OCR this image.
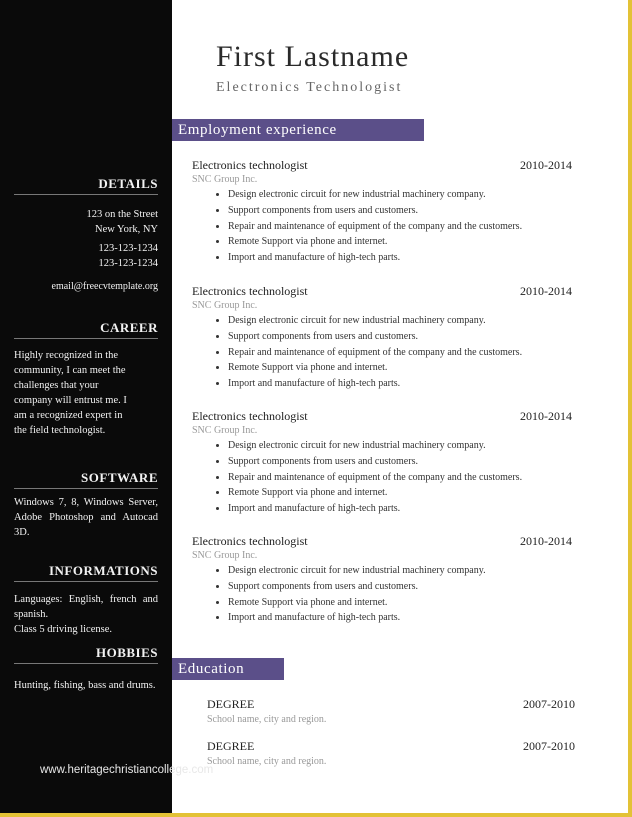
DETAILS
123 on the Street
New York, NY
123-123-1234
123-123-1234
email@freecvtemplate.org
CAREER
Highly recognized in the community, I can meet the challenges that your company will entrust me. I am a recognized expert in the field technologist.
SOFTWARE
Windows 7, 8, Windows Server, Adobe Photoshop and Autocad 3D.
INFORMATIONS
Languages: English, french and spanish.
Class 5 driving license.
HOBBIES
Hunting, fishing, bass and drums.
www.heritagechristiancollege.com
First Lastname
Electronics Technologist
Employment experience
Electronics technologist	2010-2014
SNC Group Inc.
• Design electronic circuit for new industrial machinery company.
• Support components from users and customers.
• Repair and maintenance of equipment of the company and the customers.
• Remote Support via phone and internet.
• Import and manufacture of high-tech parts.
Electronics technologist	2010-2014
SNC Group Inc.
• Design electronic circuit for new industrial machinery company.
• Support components from users and customers.
• Repair and maintenance of equipment of the company and the customers.
• Remote Support via phone and internet.
• Import and manufacture of high-tech parts.
Electronics technologist	2010-2014
SNC Group Inc.
• Design electronic circuit for new industrial machinery company.
• Support components from users and customers.
• Repair and maintenance of equipment of the company and the customers.
• Remote Support via phone and internet.
• Import and manufacture of high-tech parts.
Electronics technologist	2010-2014
SNC Group Inc.
• Design electronic circuit for new industrial machinery company.
• Support components from users and customers.
• Remote Support via phone and internet.
• Import and manufacture of high-tech parts.
Education
DEGREE	2007-2010
School name, city and region.
DEGREE	2007-2010
School name, city and region.
